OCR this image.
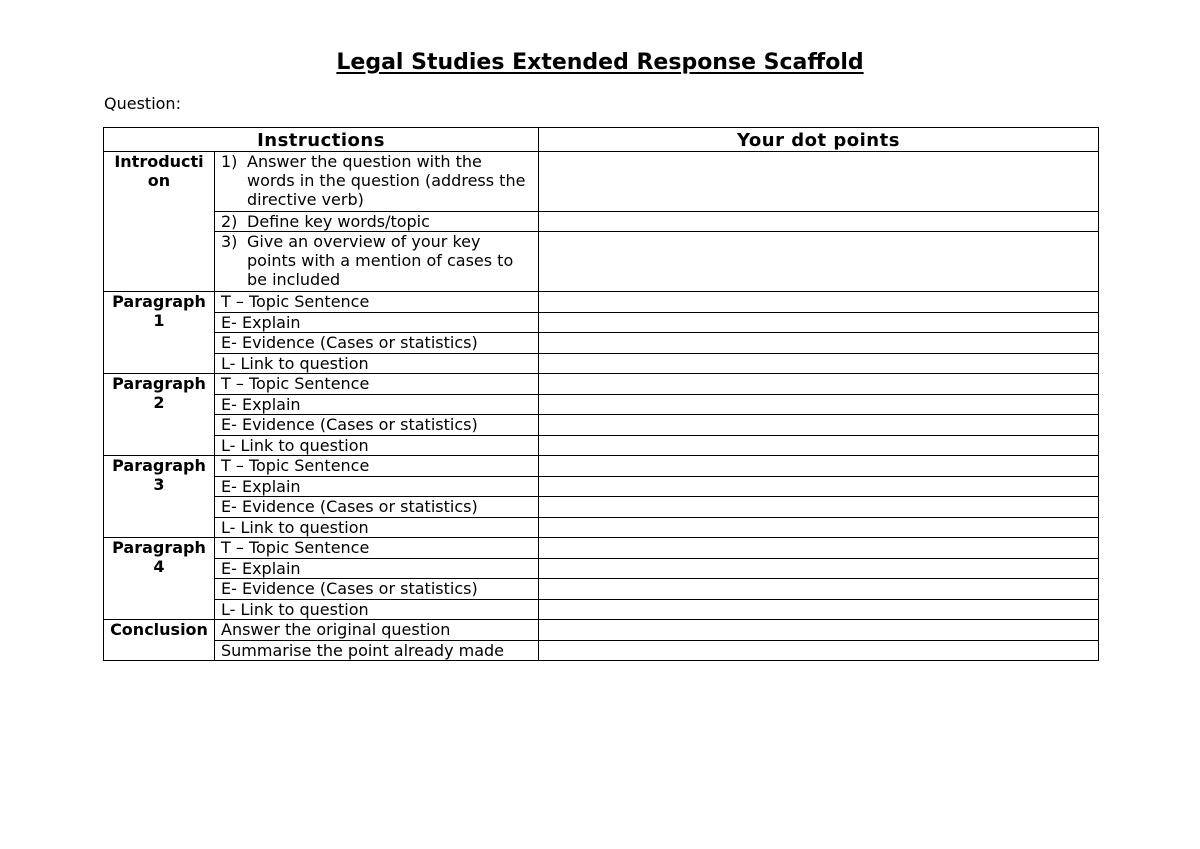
Legal Studies Extended Response Scaffold
Question:
Instructions		Your dot points
Introduction	1) Answer the question with the words in the question (address the directive verb)	

	2) Define key words/topic	

	3) Give an overview of your key points with a mention of cases to be included	

Paragraph 1	T – Topic Sentence	
	E- Explain	
	E- Evidence (Cases or statistics)	
	L- Link to question	
Paragraph 2	T – Topic Sentence	
	E- Explain	
	E- Evidence (Cases or statistics)	
	L- Link to question	
Paragraph 3	T – Topic Sentence	
	E- Explain	
	E- Evidence (Cases or statistics)	
	L- Link to question	
Paragraph 4	T – Topic Sentence	
	E- Explain	
	E- Evidence (Cases or statistics)	
	L- Link to question	
Conclusion	Answer the original question	
	Summarise the point already made	
